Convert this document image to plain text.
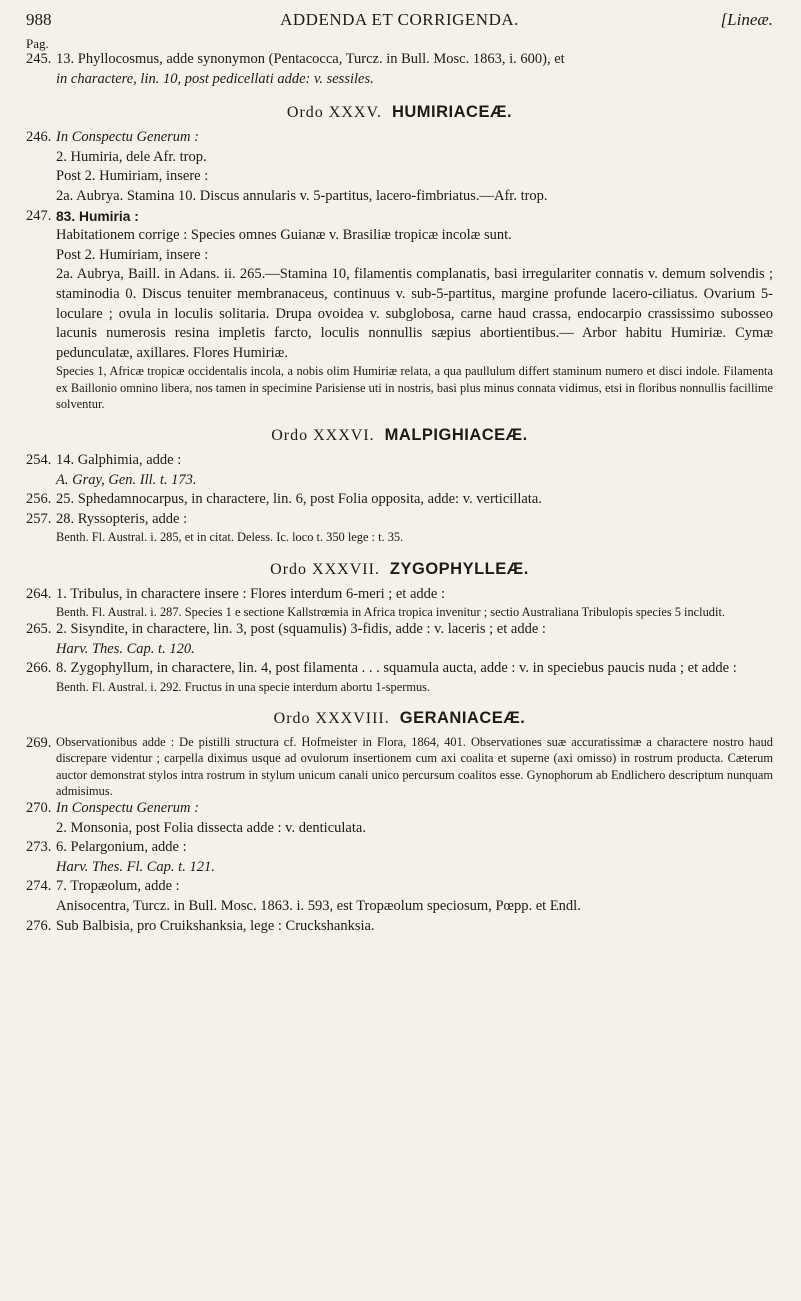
988	ADDENDA ET CORRIGENDA.	[Lineæ.
Pag.
245. 13. Phyllocosmus, adde synonymon (Pentacocca, Turcz. in Bull. Mosc. 1863, i. 600), et

in charactere, lin. 10, post pedicellati adde: v. sessiles.

Ordo XXXV. HUMIRIACEÆ.
246. In Conspectu Generum :

2. Humiria, dele Afr. trop.

Post 2. Humiriam, insere :

2a. Aubrya. Stamina 10. Discus annularis v. 5-partitus, lacero-fimbriatus.—Afr. trop.

247. 83. Humiria :

Habitationem corrige : Species omnes Guianæ v. Brasiliæ tropicæ incolæ sunt.

Post 2. Humiriam, insere :

2a. Aubrya, Baill. in Adans. ii. 265.—Stamina 10, filamentis complanatis, basi irregulariter connatis v. demum solvendis ; staminodia 0. Discus tenuiter membranaceus, continuus v. sub-5-partitus, margine profunde lacero-ciliatus. Ovarium 5-loculare ; ovula in loculis solitaria. Drupa ovoidea v. subglobosa, carne haud crassa, endocarpio crassissimo subosseo lacunis numerosis resina impletis farcto, loculis nonnullis sæpius abortientibus.— Arbor habitu Humiriæ. Cymæ pedunculatæ, axillares. Flores Humiriæ.

Species 1, Africæ tropicæ occidentalis incola, a nobis olim Humiriæ relata, a qua paullulum differt staminum numero et disci indole. Filamenta ex Baillonio omnino libera, nos tamen in specimine Parisiense uti in nostris, basi plus minus connata vidimus, etsi in floribus nonnullis facillime solventur.

Ordo XXXVI. MALPIGHIACEÆ.
254. 14. Galphimia, adde :

A. Gray, Gen. Ill. t. 173.

256. 25. Sphedamnocarpus, in charactere, lin. 6, post Folia opposita, adde: v. verticillata.

257. 28. Ryssopteris, adde :

Benth. Fl. Austral. i. 285, et in citat. Deless. Ic. loco t. 350 lege : t. 35.

Ordo XXXVII. ZYGOPHYLLEÆ.
264. 1. Tribulus, in charactere insere : Flores interdum 6-meri ; et adde :

Benth. Fl. Austral. i. 287. Species 1 e sectione Kallstrœmia in Africa tropica invenitur ; sectio Australiana Tribulopis species 5 includit.

265. 2. Sisyndite, in charactere, lin. 3, post (squamulis) 3-fidis, adde : v. laceris ; et adde :

Harv. Thes. Cap. t. 120.

266. 8. Zygophyllum, in charactere, lin. 4, post filamenta . . . squamula aucta, adde : v. in speciebus paucis nuda ; et adde :

Benth. Fl. Austral. i. 292. Fructus in una specie interdum abortu 1-spermus.

Ordo XXXVIII. GERANIACEÆ.
269. Observationibus adde : De pistilli structura cf. Hofmeister in Flora, 1864, 401. Observationes suæ accuratissimæ a charactere nostro haud discrepare videntur ; carpella diximus usque ad ovulorum insertionem cum axi coalita et superne (axi omisso) in rostrum producta. Cæterum auctor demonstrat stylos intra rostrum in stylum unicum canali unico percursum coalitos esse. Gynophorum ab Endlichero descriptum nunquam admisimus.

270. In Conspectu Generum :

2. Monsonia, post Folia dissecta adde : v. denticulata.

273. 6. Pelargonium, adde :

Harv. Thes. Fl. Cap. t. 121.

274. 7. Tropæolum, adde :

Anisocentra, Turcz. in Bull. Mosc. 1863. i. 593, est Tropæolum speciosum, Pœpp. et Endl.

276. Sub Balbisia, pro Cruikshanksia, lege : Cruckshanksia.
